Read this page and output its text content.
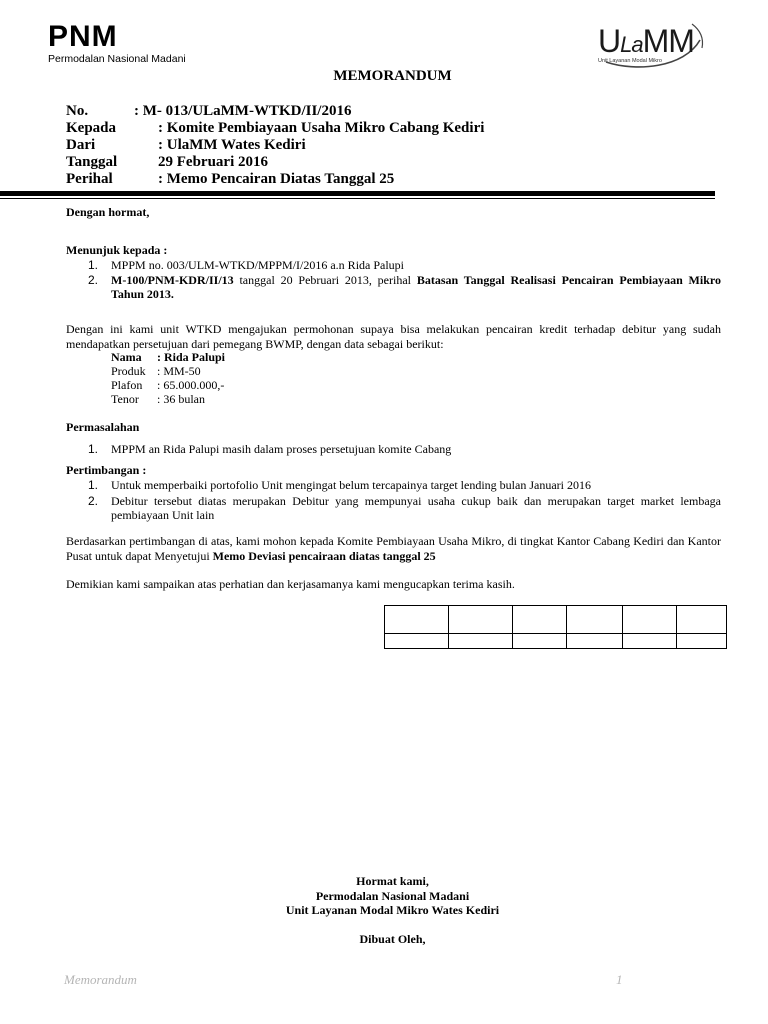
PNM
Permodalan Nasional Madani	ULaMM
Unit Layanan Modal Mikro
MEMORANDUM
No.	: M- 013/ULaMM-WTKD/II/2016
Kepada	: Komite Pembiayaan Usaha Mikro Cabang Kediri
Dari	: UlaMM Wates Kediri
Tanggal	29 Februari 2016
Perihal	: Memo Pencairan Diatas Tanggal 25
Dengan hormat,
Menunjuk kepada :
1. MPPM no. 003/ULM-WTKD/MPPM/I/2016 a.n Rida Palupi
2. M-100/PNM-KDR/II/13 tanggal 20 Pebruari 2013, perihal Batasan Tanggal Realisasi Pencairan Pembiayaan Mikro Tahun 2013.
Dengan ini kami unit WTKD mengajukan permohonan supaya bisa melakukan pencairan kredit terhadap debitur yang sudah mendapatkan persetujuan dari pemegang BWMP, dengan data sebagai berikut:
Nama : Rida Palupi
Produk : MM-50
Plafon : 65.000.000,-
Tenor : 36 bulan
Permasalahan
1. MPPM an Rida Palupi masih dalam proses persetujuan komite Cabang
Pertimbangan :
1. Untuk memperbaiki portofolio Unit mengingat belum tercapainya target lending bulan Januari 2016
2. Debitur tersebut diatas merupakan Debitur yang mempunyai usaha cukup baik dan merupakan target market lembaga pembiayaan Unit lain
Berdasarkan pertimbangan di atas, kami mohon kepada Komite Pembiayaan Usaha Mikro, di tingkat Kantor Cabang Kediri dan Kantor Pusat untuk dapat Menyetujui Memo Deviasi pencairaan diatas tanggal 25
Demikian kami sampaikan atas perhatian dan kerjasamanya kami mengucapkan terima kasih.

Hormat kami,
Permodalan Nasional Madani
Unit Layanan Modal Mikro Wates Kediri
Dibuat Oleh,
Memorandum	1
